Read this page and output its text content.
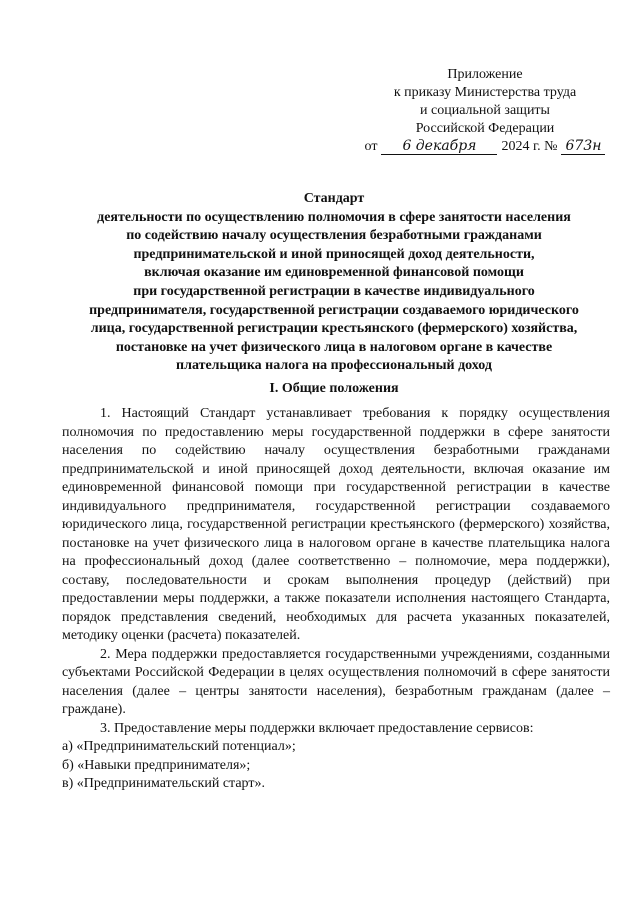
Приложение
к приказу Министерства труда
и социальной защиты
Российской Федерации
от	6 декабря	2024 г. № 673н
Стандарт
деятельности по осуществлению полномочия в сфере занятости населения
по содействию началу осуществления безработными гражданами
предпринимательской и иной приносящей доход деятельности,
включая оказание им единовременной финансовой помощи
при государственной регистрации в качестве индивидуального
предпринимателя, государственной регистрации создаваемого юридического
лица, государственной регистрации крестьянского (фермерского) хозяйства,
постановке на учет физического лица в налоговом органе в качестве
плательщика налога на профессиональный доход
I. Общие положения

1. Настоящий Стандарт устанавливает требования к порядку осуществления полномочия по предоставлению меры государственной поддержки в сфере занятости населения по содействию началу осуществления безработными гражданами предпринимательской и иной приносящей доход деятельности, включая оказание им единовременной финансовой помощи при государственной регистрации в качестве индивидуального предпринимателя, государственной регистрации создаваемого юридического лица, государственной регистрации крестьянского (фермерского) хозяйства, постановке на учет физического лица в налоговом органе в качестве плательщика налога на профессиональный доход (далее соответственно – полномочие, мера поддержки), составу, последовательности и срокам выполнения процедур (действий) при предоставлении меры поддержки, а также показатели исполнения настоящего Стандарта, порядок представления сведений, необходимых для расчета указанных показателей, методику оценки (расчета) показателей.

2. Мера поддержки предоставляется государственными учреждениями, созданными субъектами Российской Федерации в целях осуществления полномочий в сфере занятости населения (далее – центры занятости населения), безработным гражданам (далее – граждане).

3. Предоставление меры поддержки включает предоставление сервисов:

а) «Предпринимательский потенциал»;

б) «Навыки предпринимателя»;

в) «Предпринимательский старт».
